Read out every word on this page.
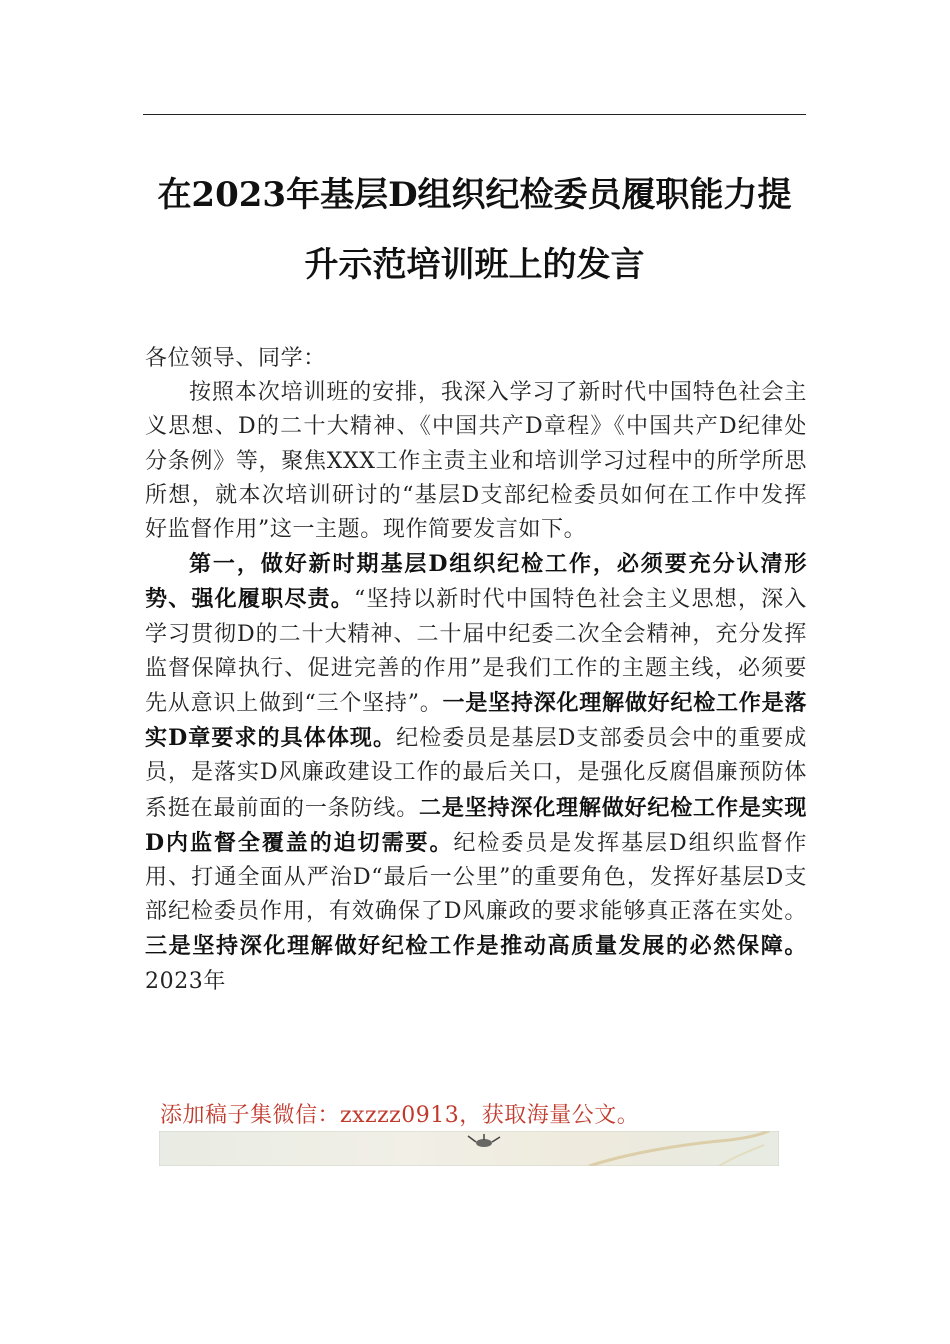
在2023年基层D组织纪检委员履职能力提
升示范培训班上的发言

各位领导、同学：

按照本次培训班的安排，我深入学习了新时代中国特色社会主义思想、D的二十大精神、《中国共产D章程》《中国共产D纪律处分条例》等，聚焦XXX工作主责主业和培训学习过程中的所学所思所想，就本次培训研讨的“基层D支部纪检委员如何在工作中发挥好监督作用”这一主题。现作简要发言如下。

第一，做好新时期基层D组织纪检工作，必须要充分认清形势、强化履职尽责。“坚持以新时代中国特色社会主义思想，深入学习贯彻D的二十大精神、二十届中纪委二次全会精神，充分发挥监督保障执行、促进完善的作用”是我们工作的主题主线，必须要先从意识上做到“三个坚持”。一是坚持深化理解做好纪检工作是落实D章要求的具体体现。纪检委员是基层D支部委员会中的重要成员，是落实D风廉政建设工作的最后关口，是强化反腐倡廉预防体系挺在最前面的一条防线。二是坚持深化理解做好纪检工作是实现D内监督全覆盖的迫切需要。纪检委员是发挥基层D组织监督作用、打通全面从严治D“最后一公里”的重要角色，发挥好基层D支部纪检委员作用，有效确保了D风廉政的要求能够真正落在实处。三是坚持深化理解做好纪检工作是推动高质量发展的必然保障。2023年

添加稿子集微信：zxzzz0913，获取海量公文。
